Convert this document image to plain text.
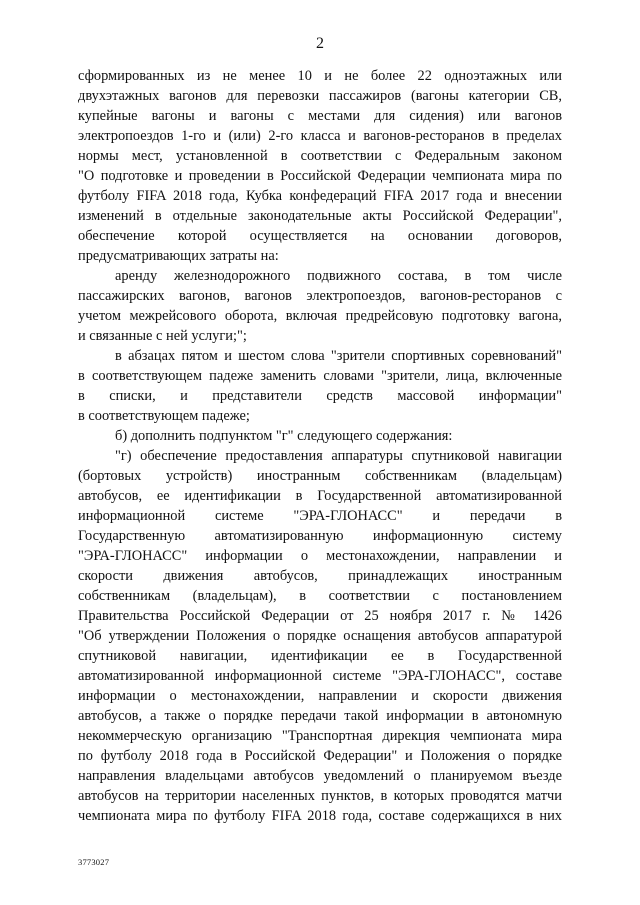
2
сформированных из не менее 10 и не более 22 одноэтажных или
двухэтажных вагонов для перевозки пассажиров (вагоны категории СВ,
купейные вагоны и вагоны с местами для сидения) или вагонов
электропоездов 1-го и (или) 2-го класса и вагонов-ресторанов в пределах
нормы мест, установленной в соответствии с Федеральным законом
"О подготовке и проведении в Российской Федерации чемпионата мира по
футболу FIFA 2018 года, Кубка конфедераций FIFA 2017 года и внесении
изменений в отдельные законодательные акты Российской Федерации",
обеспечение которой осуществляется на основании договоров,
предусматривающих затраты на:
аренду железнодорожного подвижного состава, в том числе
пассажирских вагонов, вагонов электропоездов, вагонов-ресторанов с
учетом межрейсового оборота, включая предрейсовую подготовку вагона,
и связанные с ней услуги;";
в абзацах пятом и шестом слова "зрители спортивных соревнований"
в соответствующем падеже заменить словами "зрители, лица, включенные
в списки, и представители средств массовой информации"
в соответствующем падеже;
б) дополнить подпунктом "г" следующего содержания:
"г) обеспечение предоставления аппаратуры спутниковой навигации
(бортовых устройств) иностранным собственникам (владельцам)
автобусов, ее идентификации в Государственной автоматизированной
информационной системе "ЭРА-ГЛОНАСС" и передачи в
Государственную автоматизированную информационную систему
"ЭРА-ГЛОНАСС" информации о местонахождении, направлении и
скорости движения автобусов, принадлежащих иностранным
собственникам (владельцам), в соответствии с постановлением
Правительства Российской Федерации от 25 ноября 2017 г. № 1426
"Об утверждении Положения о порядке оснащения автобусов аппаратурой
спутниковой навигации, идентификации ее в Государственной
автоматизированной информационной системе "ЭРА-ГЛОНАСС", составе
информации о местонахождении, направлении и скорости движения
автобусов, а также о порядке передачи такой информации в автономную
некоммерческую организацию "Транспортная дирекция чемпионата мира
по футболу 2018 года в Российской Федерации" и Положения о порядке
направления владельцами автобусов уведомлений о планируемом въезде
автобусов на территории населенных пунктов, в которых проводятся матчи
чемпионата мира по футболу FIFA 2018 года, составе содержащихся в них
3773027
